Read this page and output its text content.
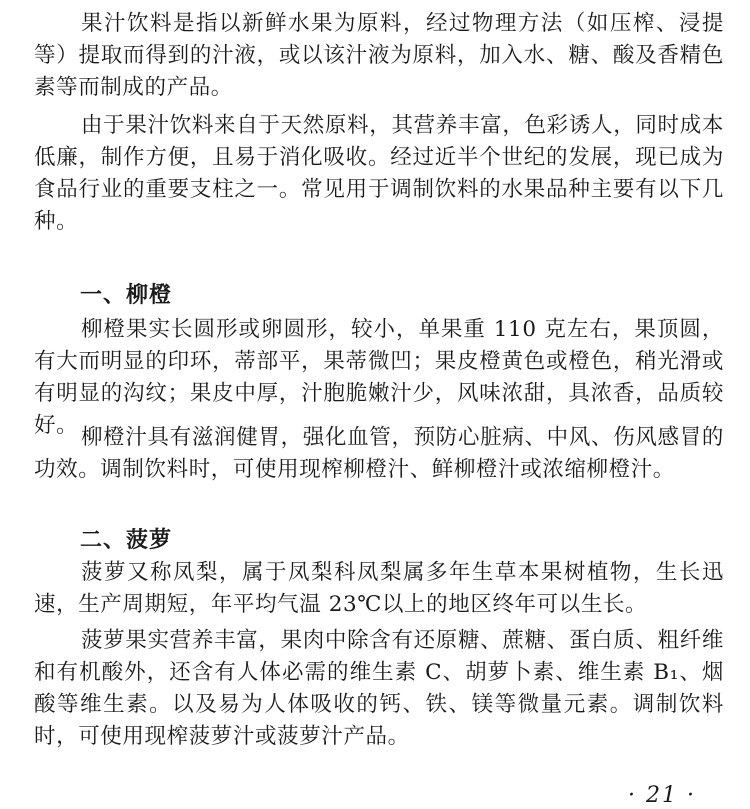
果汁饮料是指以新鲜水果为原料，经过物理方法（如压榨、浸提等）提取而得到的汁液，或以该汁液为原料，加入水、糖、酸及香精色素等而制成的产品。

由于果汁饮料来自于天然原料，其营养丰富，色彩诱人，同时成本低廉，制作方便，且易于消化吸收。经过近半个世纪的发展，现已成为食品行业的重要支柱之一。常见用于调制饮料的水果品种主要有以下几种。

一、柳橙

柳橙果实长圆形或卵圆形，较小，单果重 110 克左右，果顶圆，有大而明显的印环，蒂部平，果蒂微凹；果皮橙黄色或橙色，稍光滑或有明显的沟纹；果皮中厚，汁胞脆嫩汁少，风味浓甜，具浓香，品质较好。 柳橙汁具有滋润健胃，强化血管，预防心脏病、中风、伤风感冒的功效。调制饮料时，可使用现榨柳橙汁、鲜柳橙汁或浓缩柳橙汁。

二、菠萝

菠萝又称凤梨，属于凤梨科凤梨属多年生草本果树植物，生长迅速，生产周期短，年平均气温 23℃以上的地区终年可以生长。

菠萝果实营养丰富，果肉中除含有还原糖、蔗糖、蛋白质、粗纤维和有机酸外，还含有人体必需的维生素 C、胡萝卜素、维生素 B₁、烟酸等维生素。以及易为人体吸收的钙、铁、镁等微量元素。调制饮料时，可使用现榨菠萝汁或菠萝汁产品。

· 21 ·
